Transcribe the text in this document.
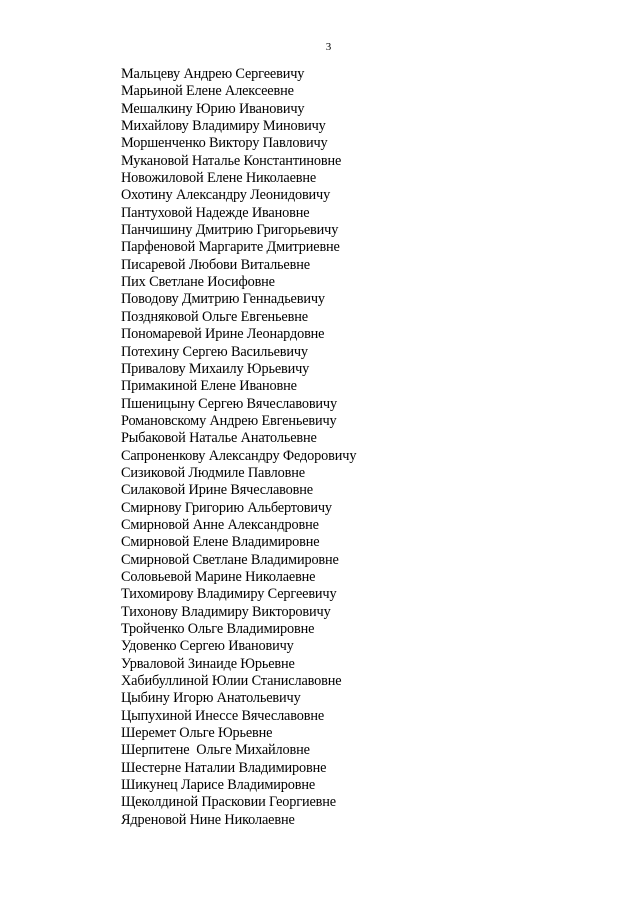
3
Мальцеву Андрею Сергеевичу
Марьиной Елене Алексеевне
Мешалкину Юрию Ивановичу
Михайлову Владимиру Миновичу
Моршенченко Виктору Павловичу
Мукановой Наталье Константиновне
Новожиловой Елене Николаевне
Охотину Александру Леонидовичу
Пантуховой Надежде Ивановне
Панчишину Дмитрию Григорьевичу
Парфеновой Маргарите Дмитриевне
Писаревой Любови Витальевне
Пих Светлане Иосифовне
Поводову Дмитрию Геннадьевичу
Поздняковой Ольге Евгеньевне
Пономаревой Ирине Леонардовне
Потехину Сергею Васильевичу
Привалову Михаилу Юрьевичу
Примакиной Елене Ивановне
Пшеницыну Сергею Вячеславовичу
Романовскому Андрею Евгеньевичу
Рыбаковой Наталье Анатольевне
Сапроненкову Александру Федоровичу
Сизиковой Людмиле Павловне
Силаковой Ирине Вячеславовне
Смирнову Григорию Альбертовичу
Смирновой Анне Александровне
Смирновой Елене Владимировне
Смирновой Светлане Владимировне
Соловьевой Марине Николаевне
Тихомирову Владимиру Сергеевичу
Тихонову Владимиру Викторовичу
Тройченко Ольге Владимировне
Удовенко Сергею Ивановичу
Урваловой Зинаиде Юрьевне
Хабибуллиной Юлии Станиславовне
Цыбину Игорю Анатольевичу
Цыпухиной Инессе Вячеславовне
Шеремет Ольге Юрьевне
Шерпитене  Ольге Михайловне
Шестерне Наталии Владимировне
Шикунец Ларисе Владимировне
Щеколдиной Прасковии Георгиевне
Ядреновой Нине Николаевне
